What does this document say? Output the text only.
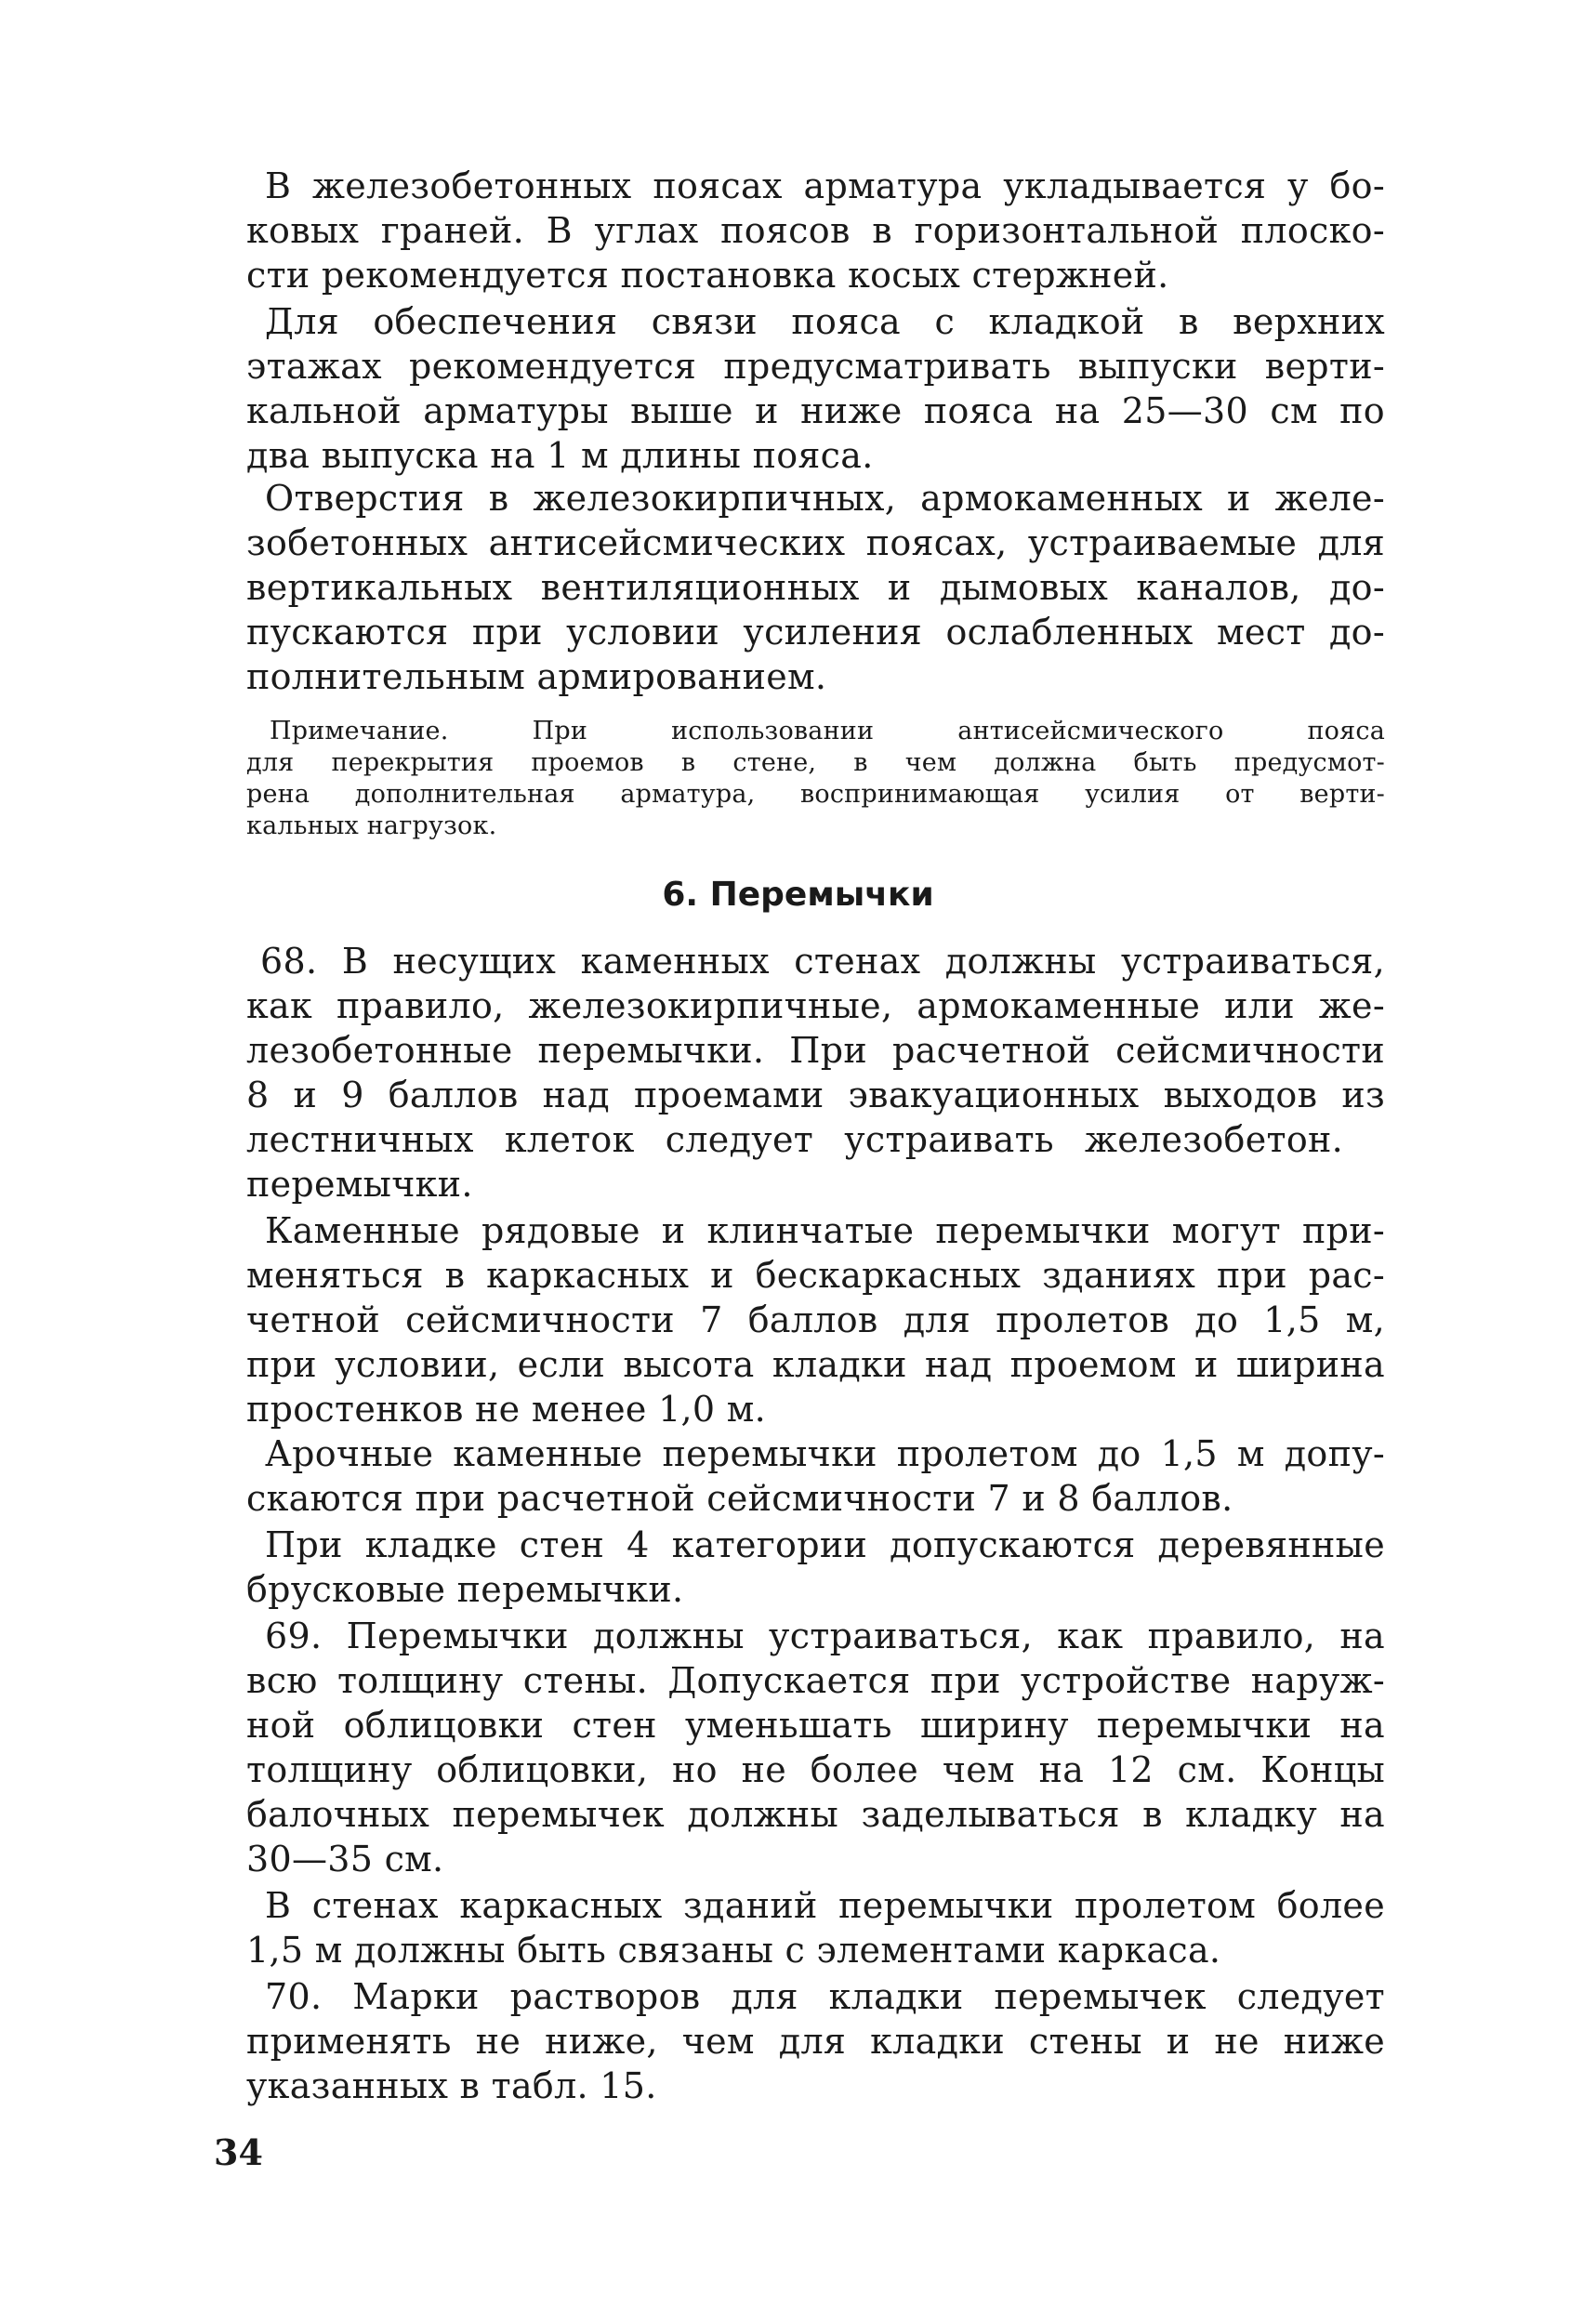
В железобетонных поясах арматура укладывается у бо-
ковых граней. В углах поясов в горизонтальной плоско-
сти рекомендуется постановка косых стержней.
Для обеспечения связи пояса с кладкой в верхних
этажах рекомендуется предусматривать выпуски верти-
кальной арматуры выше и ниже пояса на 25—30 см по
два выпуска на 1 м длины пояса.
Отверстия в железокирпичных, армокаменных и желе-
зобетонных антисейсмических поясах, устраиваемые для
вертикальных вентиляционных и дымовых каналов, до-
пускаются при условии усиления ослабленных мест до-
полнительным армированием.
Примечание. При использовании антисейсмического пояса
для перекрытия проемов в стене, в чем должна быть предусмот-
рена дополнительная арматура, воспринимающая усилия от верти-
кальных нагрузок.
6. Перемычки
68. В несущих каменных стенах должны устраиваться,
как правило, железокирпичные, армокаменные или же-
лезобетонные перемычки. При расчетной сейсмичности
8 и 9 баллов над проемами эвакуационных выходов из
лестничных клеток следует устраивать железобетон.
перемычки.
Каменные рядовые и клинчатые перемычки могут при-
меняться в каркасных и бескаркасных зданиях при рас-
четной сейсмичности 7 баллов для пролетов до 1,5 м,
при условии, если высота кладки над проемом и ширина
простенков не менее 1,0 м.
Арочные каменные перемычки пролетом до 1,5 м допу-
скаются при расчетной сейсмичности 7 и 8 баллов.
При кладке стен 4 категории допускаются деревянные
брусковые перемычки.
69. Перемычки должны устраиваться, как правило, на
всю толщину стены. Допускается при устройстве наруж-
ной облицовки стен уменьшать ширину перемычки на
толщину облицовки, но не более чем на 12 см. Концы
балочных перемычек должны заделываться в кладку на
30—35 см.
В стенах каркасных зданий перемычки пролетом более
1,5 м должны быть связаны с элементами каркаса.
70. Марки растворов для кладки перемычек следует
применять не ниже, чем для кладки стены и не ниже
указанных в табл. 15.
34
